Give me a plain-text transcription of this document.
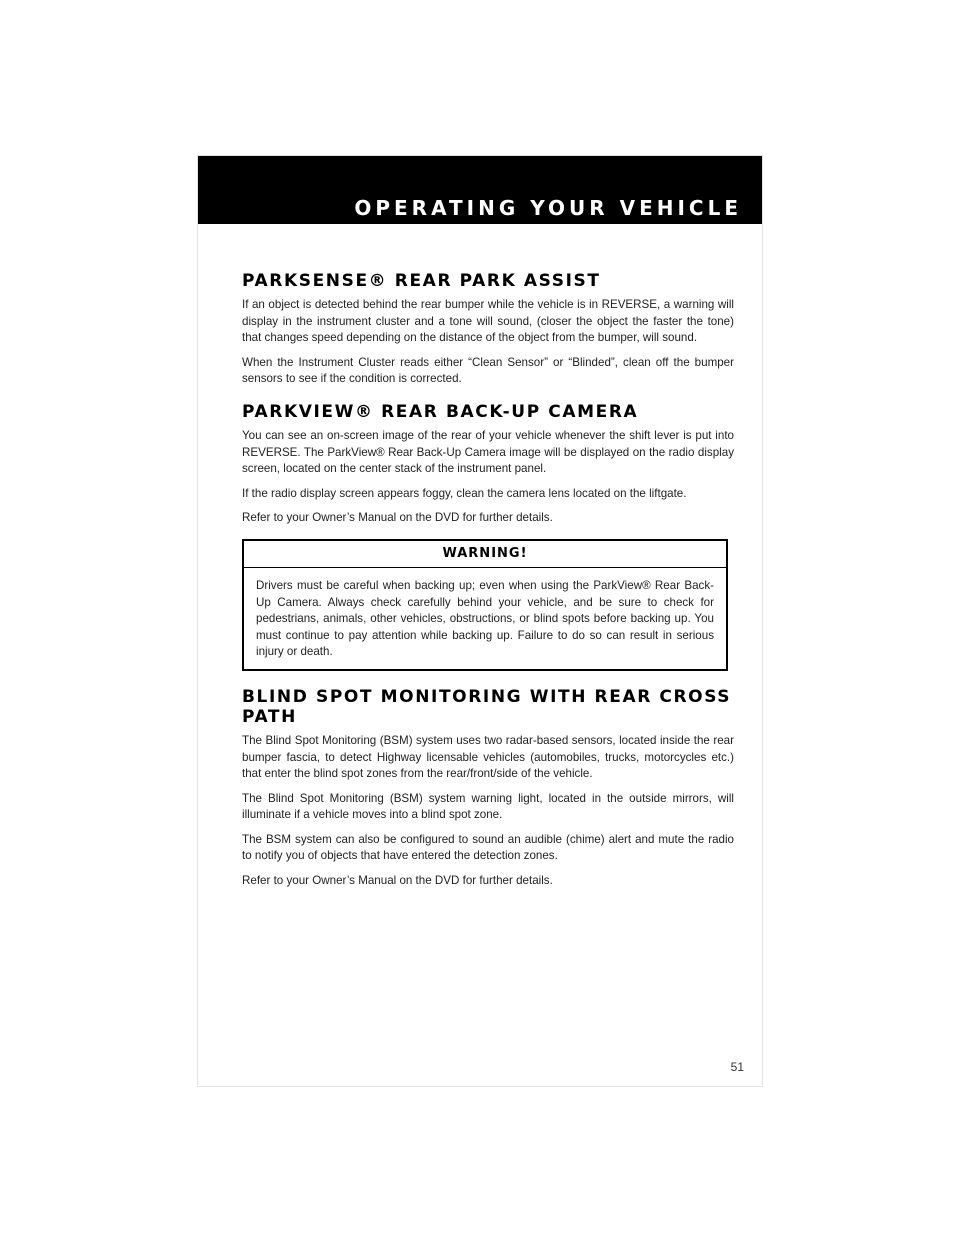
OPERATING YOUR VEHICLE
PARKSENSE® REAR PARK ASSIST

If an object is detected behind the rear bumper while the vehicle is in REVERSE, a warning will display in the instrument cluster and a tone will sound, (closer the object the faster the tone) that changes speed depending on the distance of the object from the bumper, will sound.

When the Instrument Cluster reads either “Clean Sensor” or “Blinded”, clean off the bumper sensors to see if the condition is corrected.

PARKVIEW® REAR BACK-UP CAMERA

You can see an on-screen image of the rear of your vehicle whenever the shift lever is put into REVERSE. The ParkView® Rear Back-Up Camera image will be displayed on the radio display screen, located on the center stack of the instrument panel.

If the radio display screen appears foggy, clean the camera lens located on the liftgate.

Refer to your Owner’s Manual on the DVD for further details.

WARNING!

Drivers must be careful when backing up; even when using the ParkView® Rear Back-Up Camera. Always check carefully behind your vehicle, and be sure to check for pedestrians, animals, other vehicles, obstructions, or blind spots before backing up. You must continue to pay attention while backing up. Failure to do so can result in serious injury or death.

BLIND SPOT MONITORING WITH REAR CROSS PATH

The Blind Spot Monitoring (BSM) system uses two radar-based sensors, located inside the rear bumper fascia, to detect Highway licensable vehicles (automobiles, trucks, motorcycles etc.) that enter the blind spot zones from the rear/front/side of the vehicle.

The Blind Spot Monitoring (BSM) system warning light, located in the outside mirrors, will illuminate if a vehicle moves into a blind spot zone.

The BSM system can also be configured to sound an audible (chime) alert and mute the radio to notify you of objects that have entered the detection zones.

Refer to your Owner’s Manual on the DVD for further details.

51
